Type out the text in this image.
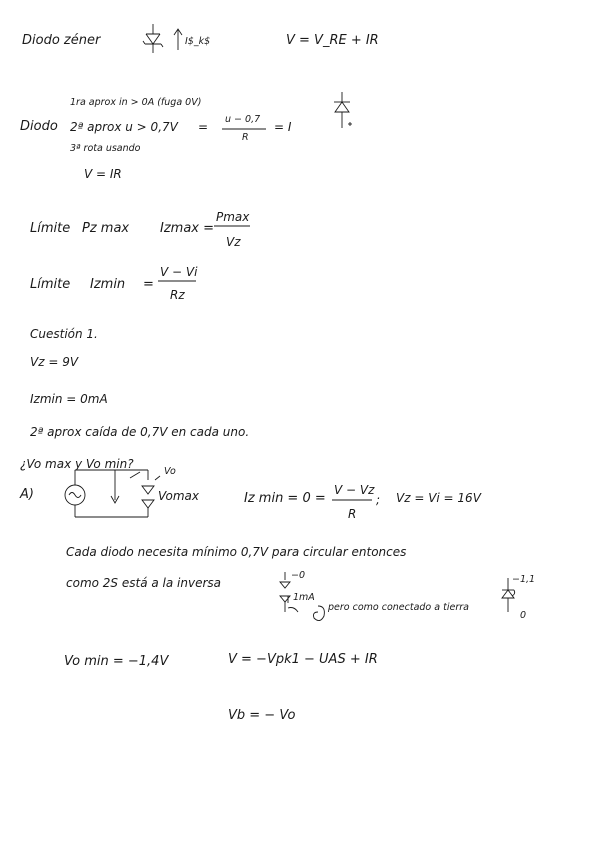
Diodo zéner	I$_k$	V = V_RE + IR
Diodo
1ra aprox in > 0A (fuga 0V)
2ª aprox u > 0,7V =
u − 0,7
R
= I
3ª rota usando
V = IR
Límite Pz max Izmax =
Pmax
Vz
Límite Izmin =
V − Vi
Rz
Cuestión 1.
Vz = 9V
Izmin = 0mA
2ª aprox caída de 0,7V en cada uno.
¿Vo max y Vo min?
Vo
A)	Vomax	Iz min = 0 =
V − Vz
R
; Vz = Vi = 16V
Cada diodo necesita mínimo 0,7V para circular entonces
como 2S está a la inversa
−0
1mA
pero como conectado a tierra
−1,1
0
Vo min = −1,4V	V = −Vpk1 − UAS + IR
Vb = − Vo
